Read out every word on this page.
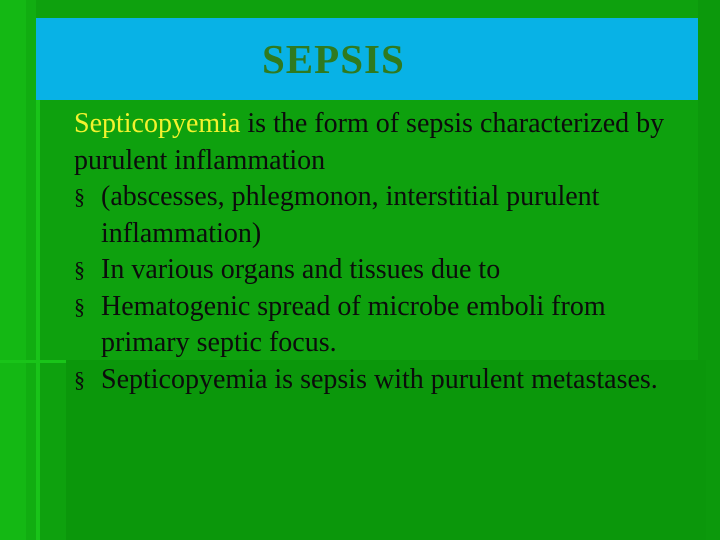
SEPSIS

Septicopyemia is the form of sepsis characterized by purulent inflammation

§ (abscesses, phlegmonon, interstitial purulent inflammation)
§ In various organs and tissues due to
§ Hematogenic spread of microbe emboli from primary septic focus.
§ Septicopyemia is sepsis with purulent metastases.
